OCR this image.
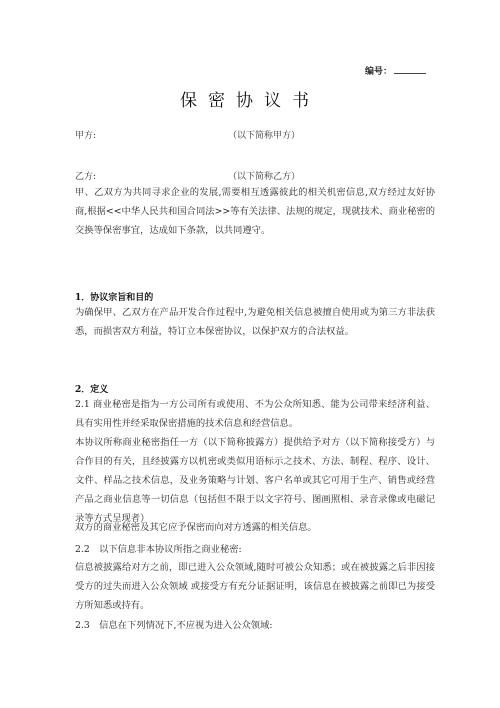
编号：
保密协议书
甲方:	（以下简称甲方）
乙方:	（以下简称乙方）
甲、乙双方为共同寻求企业的发展,需要相互透露彼此的相关机密信息,双方经过友好协商,根据<<中华人民共和国合同法>>等有关法律、法规的规定，现就技术、商业秘密的交换等保密事宜，达成如下条款，以共同遵守。
1．协议宗旨和目的
为确保甲、乙双方在产品开发合作过程中,为避免相关信息被擅自使用或为第三方非法获悉，而损害双方利益，特订立本保密协议，以保护双方的合法权益。
2．定义
2.1 商业秘密是指为一方公司所有或使用、不为公众所知悉、能为公司带来经济利益、具有实用性并经采取保密措施的技术信息和经营信息。
本协议所称商业秘密指任一方（以下简称披露方）提供给予对方（以下简称接受方）与合作目的有关，且经披露方以机密或类似用语标示之技术、方法、制程、程序、设计、文件、样品之技术信息，及业务策略与计划、客户名单或其它可用于生产、销售或经营产品之商业信息等一切信息（包括但不限于以文字符号、图画照相、录音录像或电磁记录等方式呈现者）
双方的商业秘密及其它应予保密而向对方透露的相关信息。
2.2　以下信息非本协议所指之商业秘密:
信息被披露给对方之前，即已进入公众领域,随时可被公众知悉；或在被披露之后非因接受方的过失而进入公众领域 或接受方有充分证据证明，该信息在被披露之前即已为接受方所知悉或持有。
2.3　信息在下列情况下,不应视为进入公众领域:
